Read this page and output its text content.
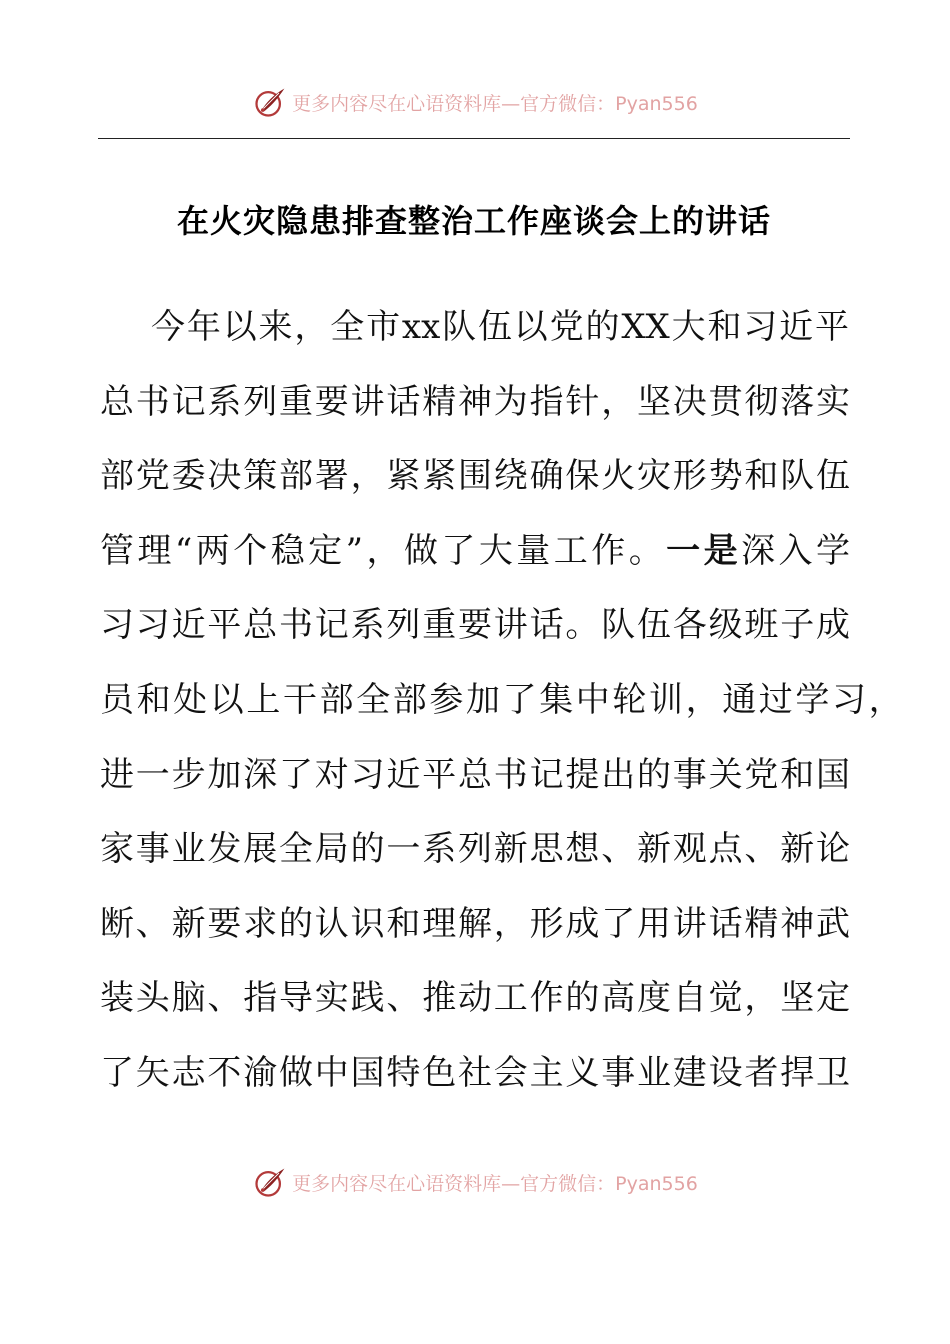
更多内容尽在心语资料库—官方微信：Pyan556
在火灾隐患排查整治工作座谈会上的讲话
今年以来，全市xx队伍以党的XX大和习近平
总书记系列重要讲话精神为指针，坚决贯彻落实
部党委决策部署，紧紧围绕确保火灾形势和队伍
管理“两个稳定”，做了大量工作。一是深入学
习习近平总书记系列重要讲话。队伍各级班子成
员和处以上干部全部参加了集中轮训，通过学习，
进一步加深了对习近平总书记提出的事关党和国
家事业发展全局的一系列新思想、新观点、新论
断、新要求的认识和理解，形成了用讲话精神武
装头脑、指导实践、推动工作的高度自觉，坚定
了矢志不渝做中国特色社会主义事业建设者捍卫
更多内容尽在心语资料库—官方微信：Pyan556
